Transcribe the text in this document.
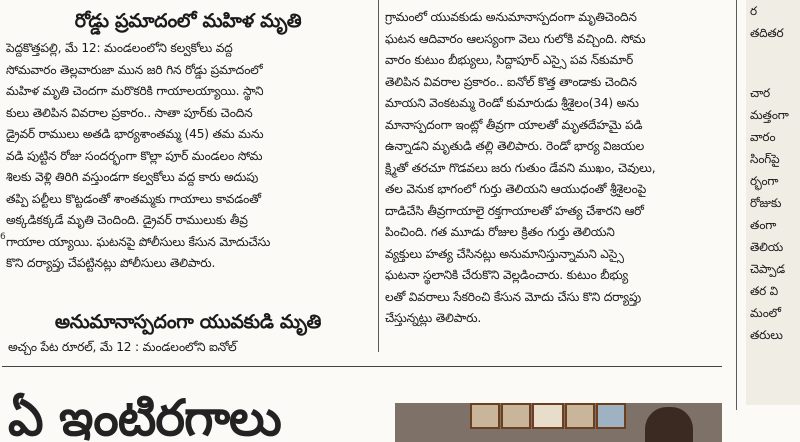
6
రోడ్డు ప్రమాదంలో మహిళ మృతి
పెద్దకొత్తపల్లి, మే 12: మండలంలోని కల్వకోలు వద్ద
సోమవారం తెల్లవారుజా మున జరి గిన రోడ్డు ప్రమాదంలో
మహిళ మృతి చెందగా మరొకరికి గాయాలయ్యాయి. స్థాని
కులు తెలిపిన వివరాల ప్రకారం.. సాతా పూర్‌కు చెందిన
డ్రైవర్ రాములు అతడి భార్యశాంతమ్మ (45) తమ మను
వడి పుట్టిన రోజు సందర్భంగా కొల్లా పూర్ మండలం సోమ
శిలకు వెళ్లి తిరిగి వస్తుండగా కల్వకోలు వద్ద కారు అదుపు
తప్పి పల్టీలు కొట్టడంతో శాంతమ్మకు గాయాలు కావడంతో
అక్కడికక్కడే మృతి చెందింది. డ్రైవర్ రాములుకు తీవ్ర
గాయాల య్యాయి. ఘటనపై పోలీసులు కేసున మోదుచేసు
కొని దర్యాప్తు చేపట్టినట్లు పోలీసులు తెలిపారు.
అనుమానాస్పదంగా యువకుడి మృతి
అచ్చం పేట రూరల్, మే 12 : మండలంలోని ఐనోల్
గ్రామంలో యువకుడు అనుమానాస్పదంగా మృతిచెందిన
ఘటన ఆదివారం ఆలస్యంగా వెలు గులోకి వచ్చింది. సోమ
వారం కుటుం బీభ్యులు, సిద్దాపూర్ ఎస్సై పవ న్‌కుమార్
తెలిపిన వివరాల ప్రకారం.. ఐనోల్ కొత్త తాండాకు చెందిన
మాయని వెంకటమ్మ రెండో కుమారుడు శ్రీశైలం(34) అను
మానాస్పదంగా ఇంట్లో తీవ్రగా యాలతో మృతదేహమై పడి
ఉన్నాడని మృతుడి తల్లి తెలిపారు. రెండో భార్య విజయల
క్ష్మితో తరచూ గొడవలు జరు గుతుం డేవని ముఖం, చెవులు,
తల వెనుక భాగంలో గుర్తు తెలియని ఆయుధంతో శ్రీశైలంపై
దాడిచేసి తీవ్రగాయాలై రక్తగాయాలతో హత్య చేశారని ఆరో
పించింది. గత మూడు రోజుల క్రితం గుర్తు తెలియని
వ్యక్తులు హత్య చేసినట్లు అనుమానిస్తున్నామని ఎస్సై
ఘటనా స్థలానికి చేరుకొని వెల్లడించారు. కుటుం బీభ్యు
లతో వివరాలు సేకరించి కేసున మోదు చేసు కొని దర్యాప్తు
చేస్తున్నట్లు తెలిపారు.
ర
తదితర
చార
మత్తంగా
వారం
సింగ్‌పై
ర్భంగా
రోజుకు
తంగా
తెలియ
చెప్పాడ
తర వి
మంలో
తరులు
ఏ ఇంటిరగాలు
